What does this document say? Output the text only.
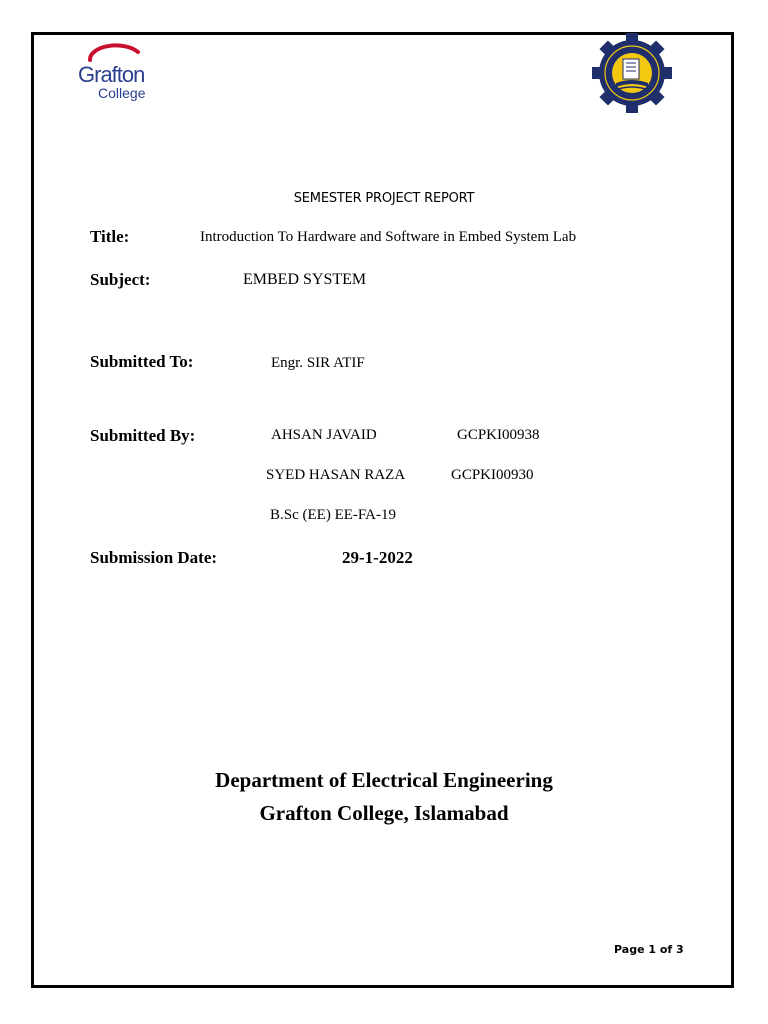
Grafton
College
SEMESTER PROJECT REPORT
Title:	Introduction To Hardware and Software in Embed System Lab
Subject:	EMBED SYSTEM
Submitted To:	Engr. SIR ATIF
Submitted By:	AHSAN JAVAID	GCPKI00938
SYED HASAN RAZA	GCPKI00930
B.Sc (EE) EE-FA-19
Submission Date:	29-1-2022
Department of Electrical Engineering
Grafton College, Islamabad
Page 1 of 3
